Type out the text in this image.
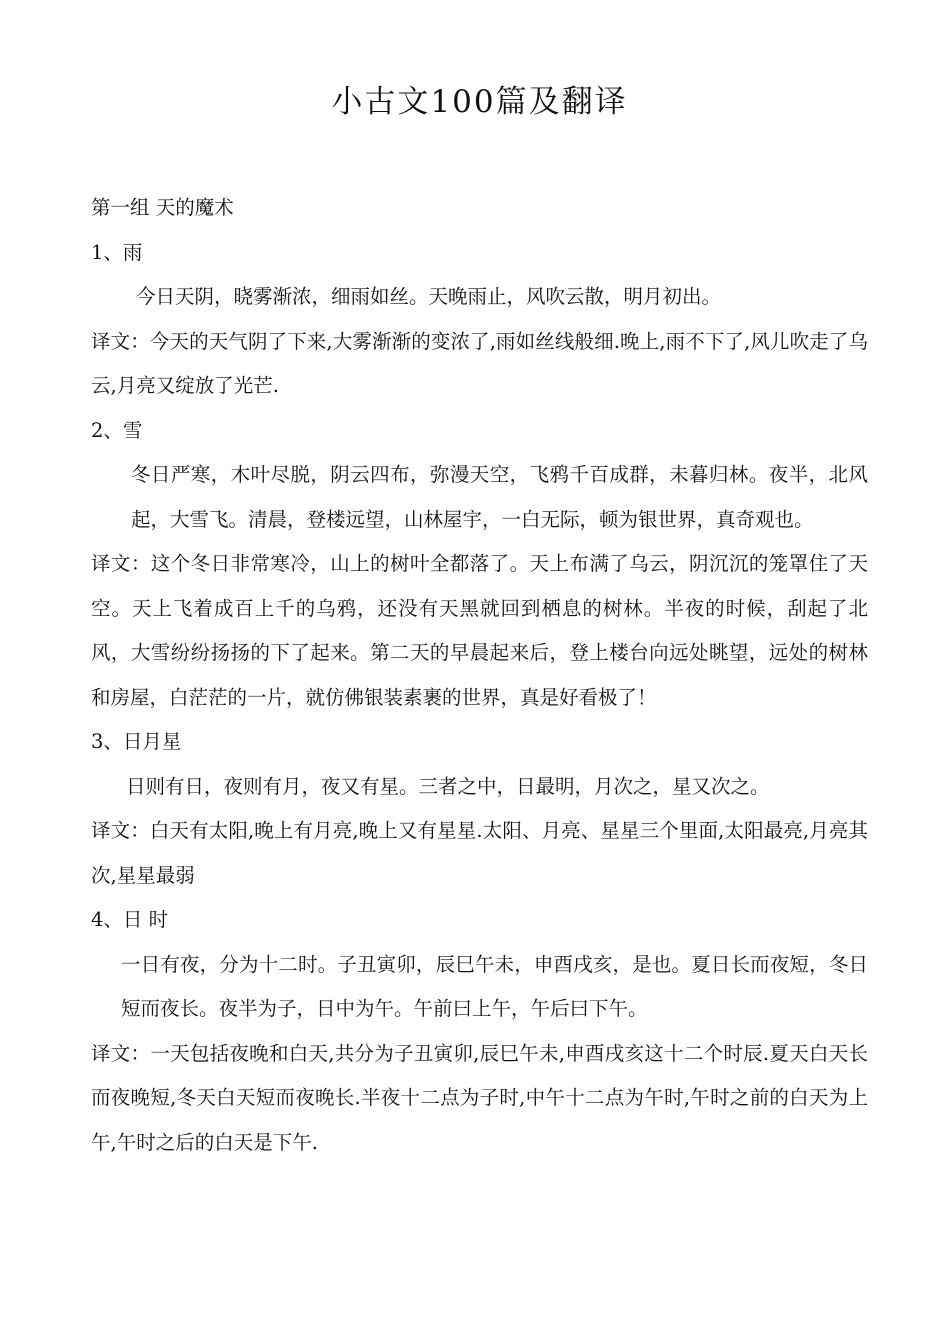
小古文100篇及翻译

第一组 天的魔术

1、雨

今日天阴，晓雾渐浓，细雨如丝。天晚雨止，风吹云散，明月初出。

译文：今天的天气阴了下来,大雾渐渐的变浓了,雨如丝线般细.晚上,雨不下了,风儿吹走了乌云,月亮又绽放了光芒.

2、雪

冬日严寒，木叶尽脱，阴云四布，弥漫天空，飞鸦千百成群，未暮归林。夜半，北风起，大雪飞。清晨，登楼远望，山林屋宇，一白无际，顿为银世界，真奇观也。

译文：这个冬日非常寒冷，山上的树叶全都落了。天上布满了乌云，阴沉沉的笼罩住了天空。天上飞着成百上千的乌鸦，还没有天黑就回到栖息的树林。半夜的时候，刮起了北风，大雪纷纷扬扬的下了起来。第二天的早晨起来后，登上楼台向远处眺望，远处的树林和房屋，白茫茫的一片，就仿佛银装素裹的世界，真是好看极了！

3、日月星

日则有日，夜则有月，夜又有星。三者之中，日最明，月次之，星又次之。

译文：白天有太阳,晚上有月亮,晚上又有星星.太阳、月亮、星星三个里面,太阳最亮,月亮其次,星星最弱

4、日 时

一日有夜，分为十二时。子丑寅卯，辰巳午未，申酉戌亥，是也。夏日长而夜短，冬日短而夜长。夜半为子，日中为午。午前曰上午，午后曰下午。

译文：一天包括夜晚和白天,共分为子丑寅卯,辰巳午未,申酉戌亥这十二个时辰.夏天白天长而夜晚短,冬天白天短而夜晚长.半夜十二点为子时,中午十二点为午时,午时之前的白天为上午,午时之后的白天是下午.
